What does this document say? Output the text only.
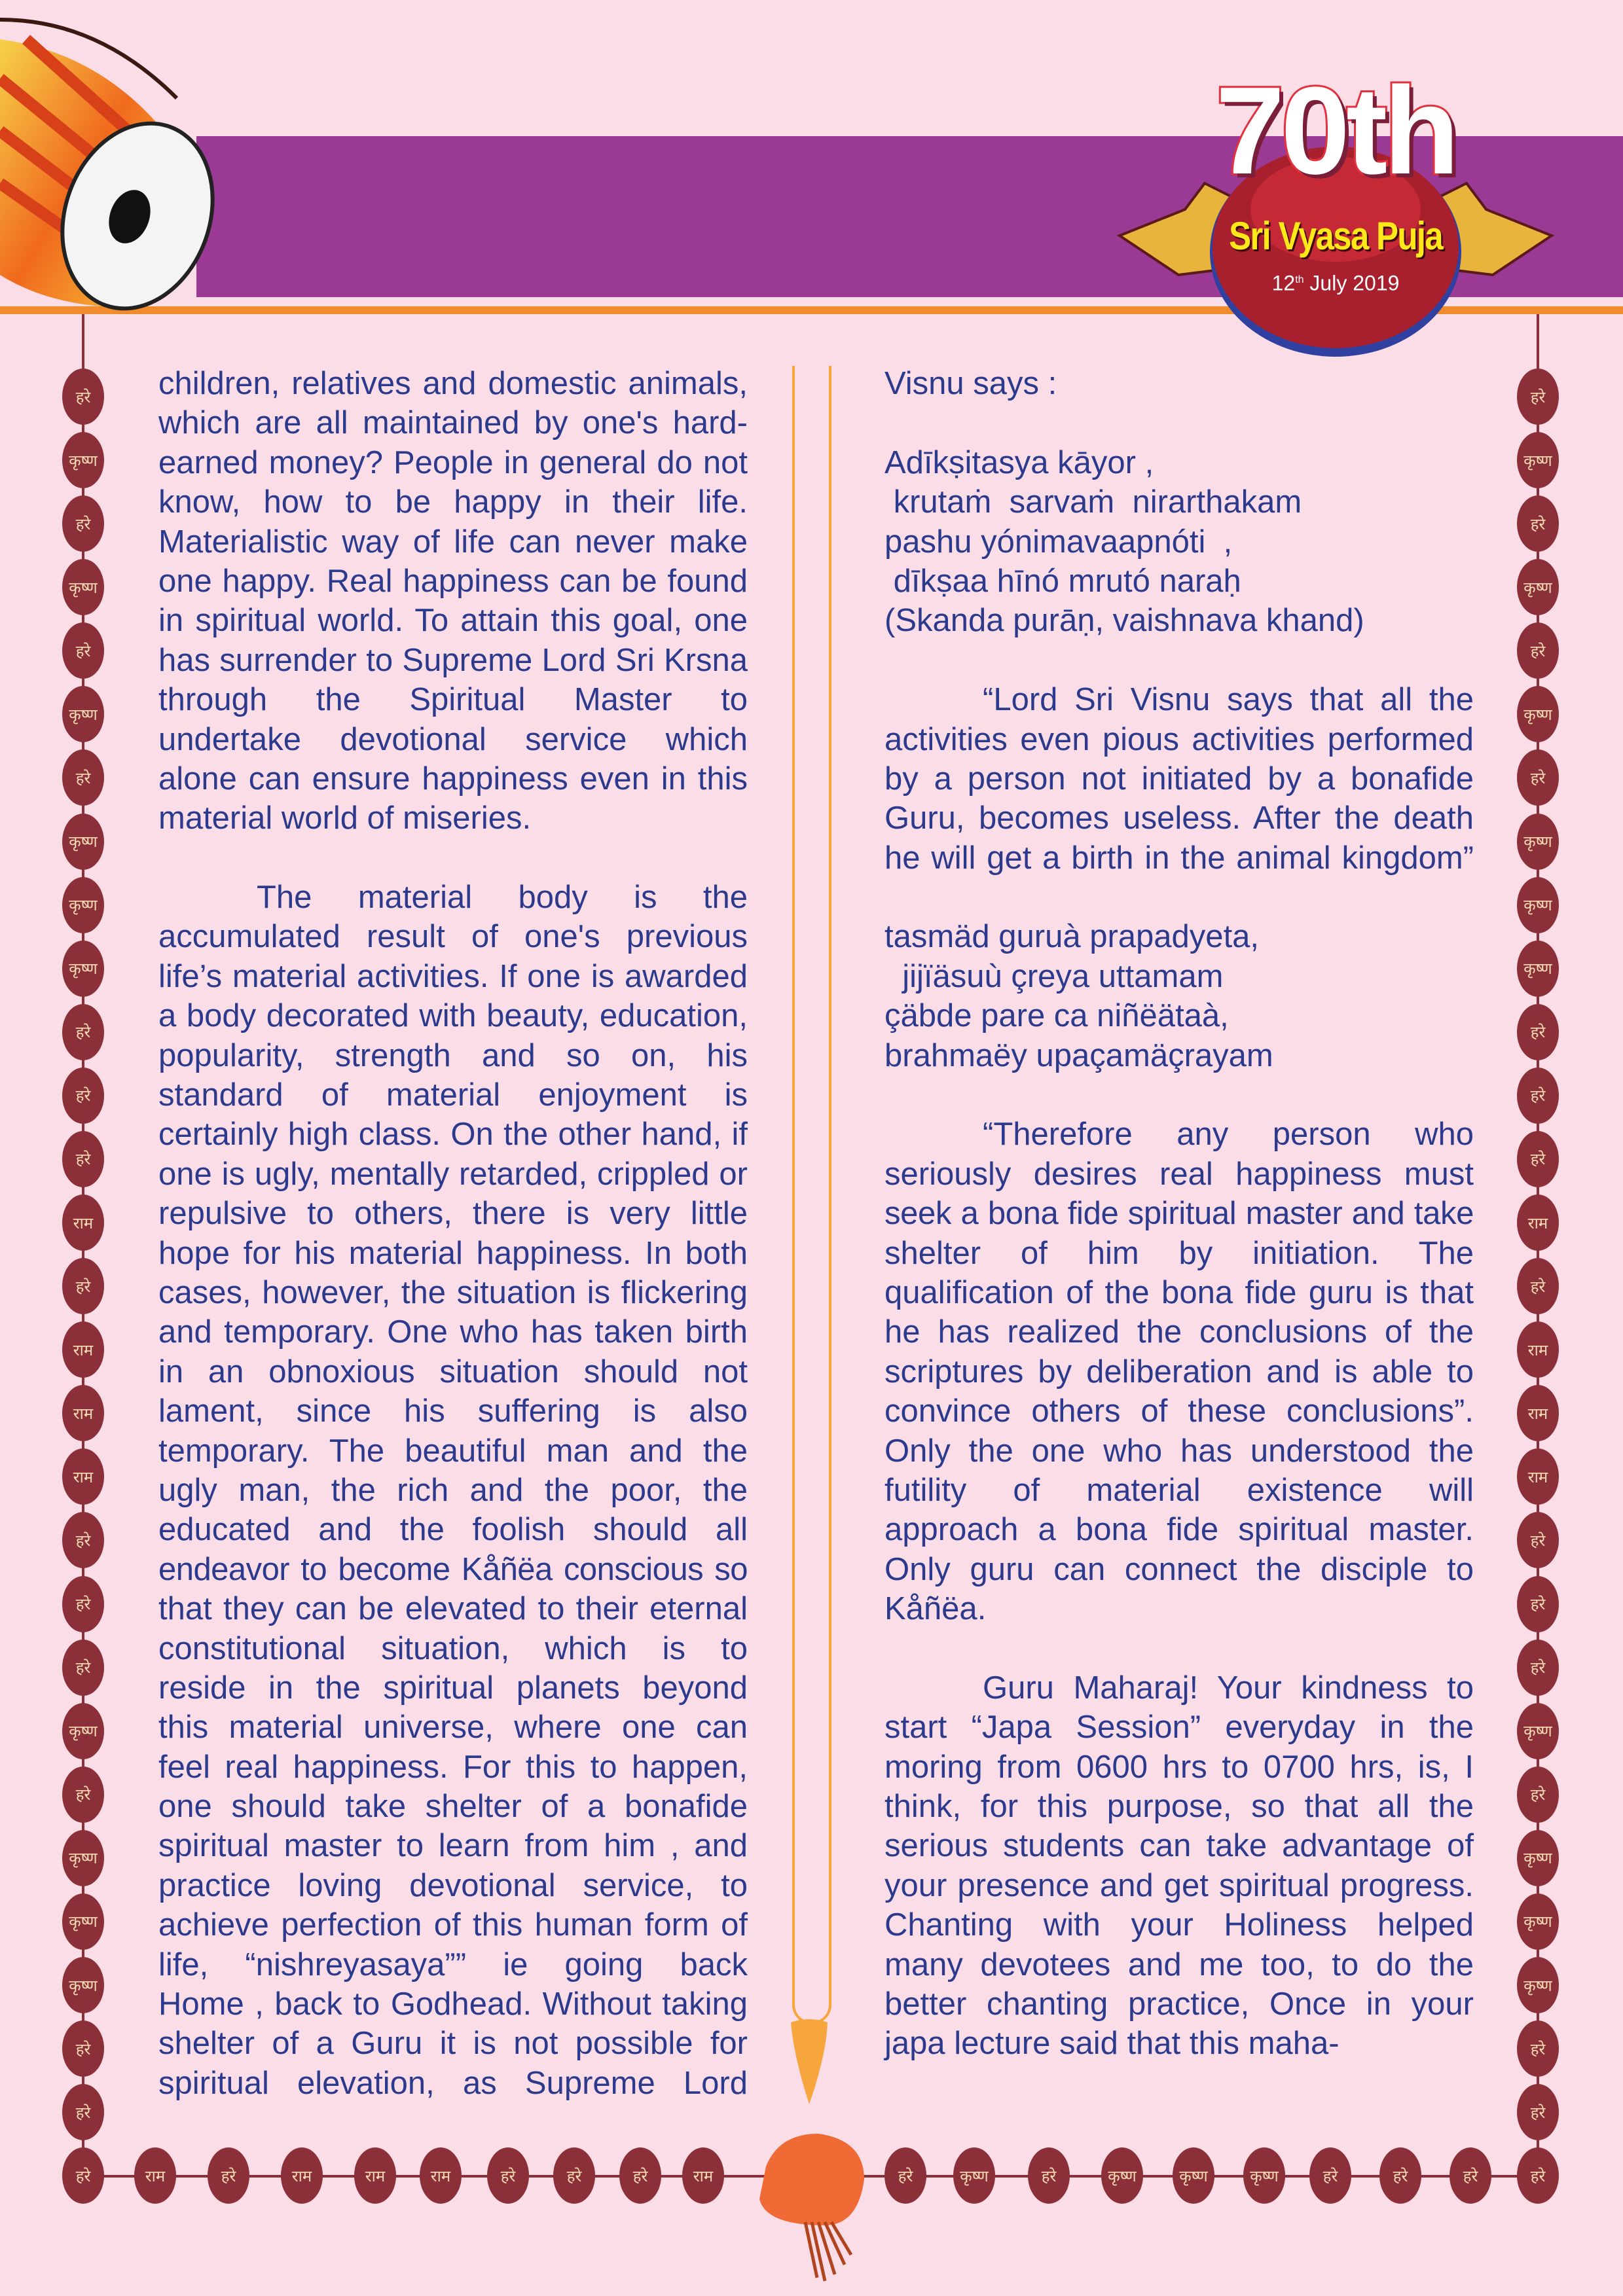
70th
Sri Vyasa Puja
12th July 2019
हरे
कृष्ण
हरे
कृष्ण
हरे
कृष्ण
हरे
कृष्ण
कृष्ण
कृष्ण
हरे
हरे
हरे
राम
हरे
राम
राम
राम
हरे
हरे
हरे
कृष्ण
हरे
कृष्ण
कृष्ण
कृष्ण
हरे
हरे
हरे
हरे
कृष्ण
हरे
कृष्ण
हरे
कृष्ण
हरे
कृष्ण
कृष्ण
कृष्ण
हरे
हरे
हरे
राम
हरे
राम
राम
राम
हरे
हरे
हरे
कृष्ण
हरे
कृष्ण
कृष्ण
कृष्ण
हरे
हरे
हरे
राम	हरे	राम	राम	राम	हरे	हरे	हरे	राम	हरे	कृष्ण	हरे	कृष्ण	कृष्ण	कृष्ण	हरे	हरे	हरे
children, relatives and domestic animals,
which are all maintained by one's hard-
earned money? People in general do not
know, how to be happy in their life.
Materialistic way of life can never make
one happy. Real happiness can be found
in spiritual world. To attain this goal, one
has surrender to Supreme Lord Sri Krsna
through the Spiritual Master to
undertake devotional service which
alone can ensure happiness even in this
material world of miseries.
The material body is the
accumulated result of one's previous
life’s material activities. If one is awarded
a body decorated with beauty, education,
popularity, strength and so on, his
standard of material enjoyment is
certainly high class. On the other hand, if
one is ugly, mentally retarded, crippled or
repulsive to others, there is very little
hope for his material happiness. In both
cases, however, the situation is flickering
and temporary. One who has taken birth
in an obnoxious situation should not
lament, since his suffering is also
temporary. The beautiful man and the
ugly man, the rich and the poor, the
educated and the foolish should all
endeavor to become Kåñëa conscious so
that they can be elevated to their eternal
constitutional situation, which is to
reside in the spiritual planets beyond
this material universe, where one can
feel real happiness. For this to happen,
one should take shelter of a bonafide
spiritual master to learn from him , and
practice loving devotional service, to
achieve perfection of this human form of
life, “nishreyasaya”” ie going back
Home , back to Godhead. Without taking
shelter of a Guru it is not possible for
spiritual elevation, as Supreme Lord
Visnu says :
Adīkṣitasya kāyor ,
krutaṁ  sarvaṁ  nirarthakam
pashu yónimavaapnóti  ,
dīkṣaa hīnó mrutó naraḥ
(Skanda purāṇ, vaishnava khand)
“Lord Sri Visnu says that all the
activities even pious activities performed
by a person not initiated by a bonafide
Guru, becomes useless. After the death
he will get a birth in the animal kingdom”
tasmäd guruà prapadyeta,
jijïäsuù çreya uttamam
çäbde pare ca niñëätaà,
brahmaëy upaçamäçrayam
“Therefore any person who
seriously desires real happiness must
seek a bona fide spiritual master and take
shelter of him by initiation. The
qualification of the bona fide guru is that
he has realized the conclusions of the
scriptures by deliberation and is able to
convince others of these conclusions”.
Only the one who has understood the
futility of material existence will
approach a bona fide spiritual master.
Only guru can connect the disciple to
Kåñëa.
Guru Maharaj! Your kindness to
start “Japa Session” everyday in the
moring from 0600 hrs to 0700 hrs, is, I
think, for this purpose, so that all the
serious students can take advantage of
your presence and get spiritual progress.
Chanting with your Holiness helped
many devotees and me too, to do the
better chanting practice, Once in your
japa lecture said that this maha-
